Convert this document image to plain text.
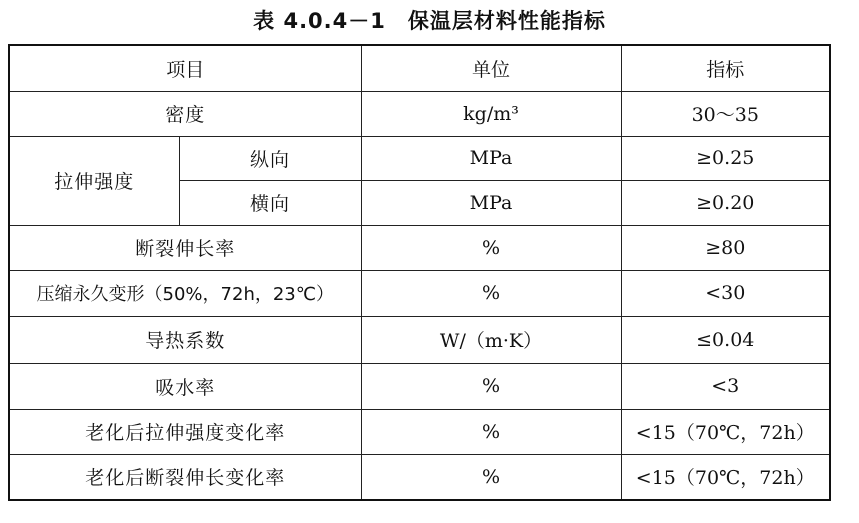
表 4.0.4－1　保温层材料性能指标
项目		单位	指标
密度		kg/m³	30～35
拉伸强度	纵向	MPa	≥0.25
	横向	MPa	≥0.20
断裂伸长率		%	≥80
压缩永久变形（50%，72h，23℃）		%	<30
导热系数		W/（m·K）	≤0.04
吸水率		%	<3
老化后拉伸强度变化率		%	<15（70℃，72h）
老化后断裂伸长变化率		%	<15（70℃，72h）
